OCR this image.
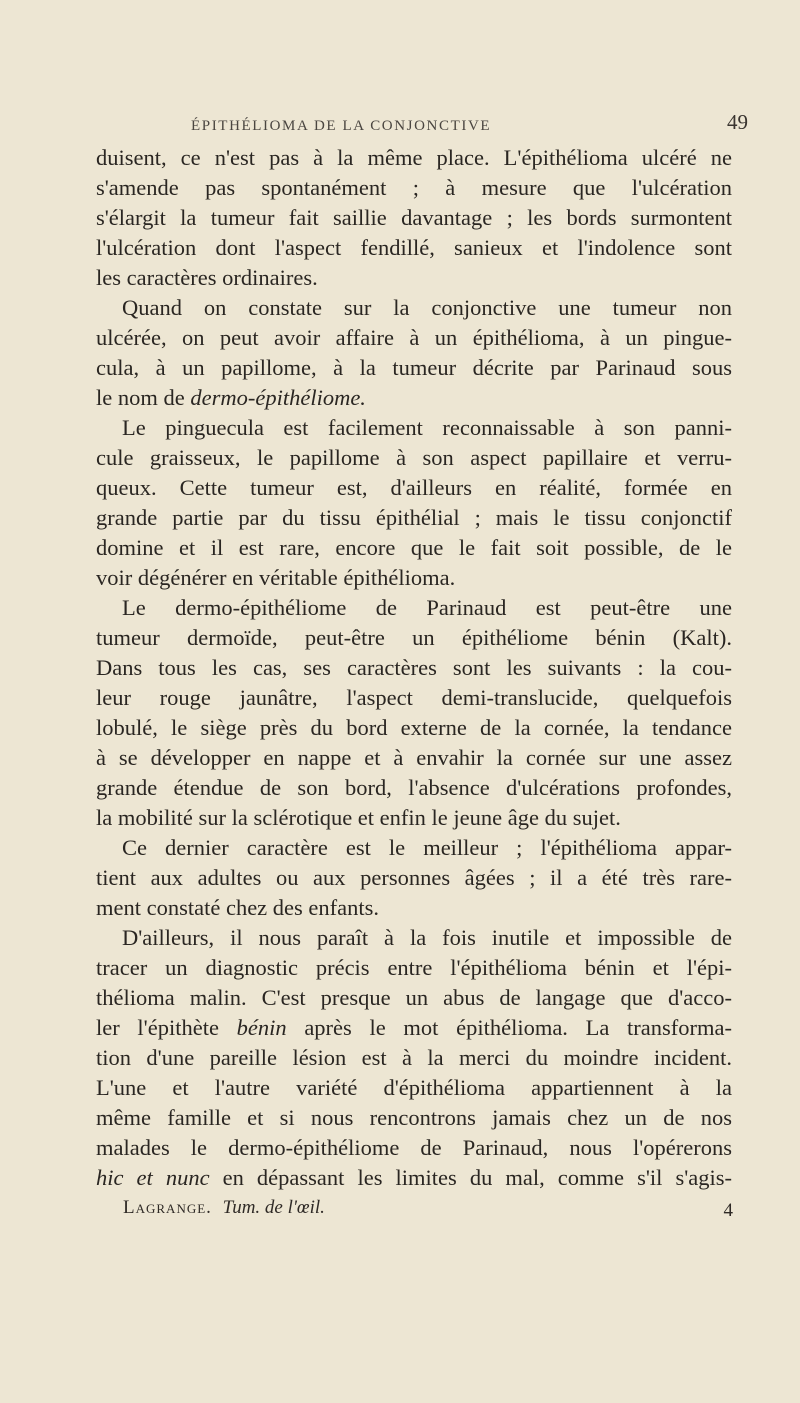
ÉPITHÉLIOMA DE LA CONJONCTIVE	49
duisent, ce n'est pas à la même place. L'épithélioma ulcéré ne
s'amende pas spontanément ; à mesure que l'ulcération
s'élargit la tumeur fait saillie davantage ; les bords surmontent
l'ulcération dont l'aspect fendillé, sanieux et l'indolence sont
les caractères ordinaires.
Quand on constate sur la conjonctive une tumeur non
ulcérée, on peut avoir affaire à un épithélioma, à un pingue-
cula, à un papillome, à la tumeur décrite par Parinaud sous
le nom de dermo-épithéliome.
Le pinguecula est facilement reconnaissable à son panni-
cule graisseux, le papillome à son aspect papillaire et verru-
queux. Cette tumeur est, d'ailleurs en réalité, formée en
grande partie par du tissu épithélial ; mais le tissu conjonctif
domine et il est rare, encore que le fait soit possible, de le
voir dégénérer en véritable épithélioma.
Le dermo-épithéliome de Parinaud est peut-être une
tumeur dermoïde, peut-être un épithéliome bénin (Kalt).
Dans tous les cas, ses caractères sont les suivants : la cou-
leur rouge jaunâtre, l'aspect demi-translucide, quelquefois
lobulé, le siège près du bord externe de la cornée, la tendance
à se développer en nappe et à envahir la cornée sur une assez
grande étendue de son bord, l'absence d'ulcérations profondes,
la mobilité sur la sclérotique et enfin le jeune âge du sujet.
Ce dernier caractère est le meilleur ; l'épithélioma appar-
tient aux adultes ou aux personnes âgées ; il a été très rare-
ment constaté chez des enfants.
D'ailleurs, il nous paraît à la fois inutile et impossible de
tracer un diagnostic précis entre l'épithélioma bénin et l'épi-
thélioma malin. C'est presque un abus de langage que d'acco-
ler l'épithète bénin après le mot épithélioma. La transforma-
tion d'une pareille lésion est à la merci du moindre incident.
L'une et l'autre variété d'épithélioma appartiennent à la
même famille et si nous rencontrons jamais chez un de nos
malades le dermo-épithéliome de Parinaud, nous l'opérerons
hic et nunc en dépassant les limites du mal, comme s'il s'agis-
Lagrange. Tum. de l'œil.	4
